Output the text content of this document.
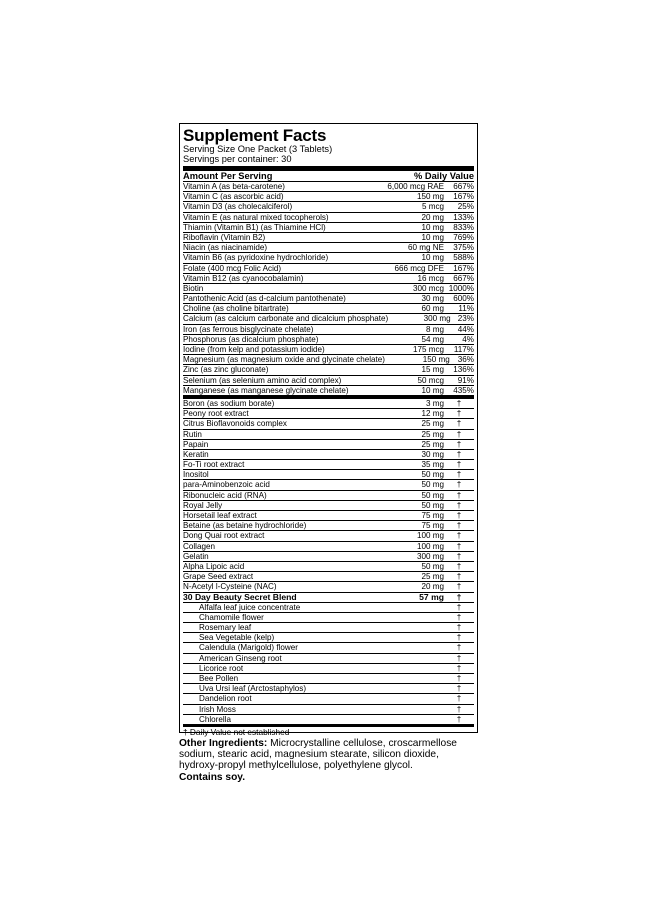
Supplement Facts
Serving Size One Packet (3 Tablets)
Servings per container: 30
Amount Per Serving	% Daily Value
Vitamin A (as beta-carotene)	6,000 mcg RAE	667%
Vitamin C (as ascorbic acid)	150 mg	167%
Vitamin D3 (as cholecalciferol)	5 mcg	25%
Vitamin E (as natural mixed tocopherols)	20 mg	133%
Thiamin (Vitamin B1) (as Thiamine HCl)	10 mg	833%
Riboflavin (Vitamin B2)	10 mg	769%
Niacin (as niacinamide)	60 mg NE	375%
Vitamin B6 (as pyridoxine hydrochloride)	10 mg	588%
Folate (400 mcg Folic Acid)	666 mcg DFE	167%
Vitamin B12 (as cyanocobalamin)	16 mcg	667%
Biotin	300 mcg 1000%
Pantothenic Acid (as d-calcium pantothenate)	30 mg	600%
Choline (as choline bitartrate)	60 mg	11%
Calcium (as calcium carbonate and dicalcium phosphate)	300 mg 23%
Iron (as ferrous bisglycinate chelate)	8 mg	44%
Phosphorus (as dicalcium phosphate)	54 mg	4%
Iodine (from kelp and potassium iodide)	175 mcg	117%
Magnesium (as magnesium oxide and glycinate chelate)	150 mg 36%
Zinc (as zinc gluconate)	15 mg	136%
Selenium (as selenium amino acid complex)	50 mcg	91%
Manganese (as manganese glycinate chelate)	10 mg	435%
Boron (as sodium borate)	3 mg	†
Peony root extract	12 mg	†
Citrus Bioflavonoids complex	25 mg	†
Rutin	25 mg	†
Papain	25 mg	†
Keratin	30 mg	†
Fo-Ti root extract	35 mg	†
Inositol	50 mg	†
para-Aminobenzoic acid	50 mg	†
Ribonucleic acid (RNA)	50 mg	†
Royal Jelly	50 mg	†
Horsetail leaf extract	75 mg	†
Betaine (as betaine hydrochloride)	75 mg	†
Dong Quai root extract	100 mg	†
Collagen	100 mg	†
Gelatin	300 mg	†
Alpha Lipoic acid	50 mg	†
Grape Seed extract	25 mg	†
N-Acetyl l-Cysteine (NAC)	20 mg	†
30 Day Beauty Secret Blend	57 mg	†
Alfalfa leaf juice concentrate	†
Chamomile flower	†
Rosemary leaf	†
Sea Vegetable (kelp)	†
Calendula (Marigold) flower	†
American Ginseng root	†
Licorice root	†
Bee Pollen	†
Uva Ursi leaf (Arctostaphylos)	†
Dandelion root	†
Irish Moss	†
Chlorella	†
† Daily Value not established
Other Ingredients: Microcrystalline cellulose, croscarmellose sodium, stearic acid, magnesium stearate, silicon dioxide, hydroxy-propyl methylcellulose, polyethylene glycol.
Contains soy.
